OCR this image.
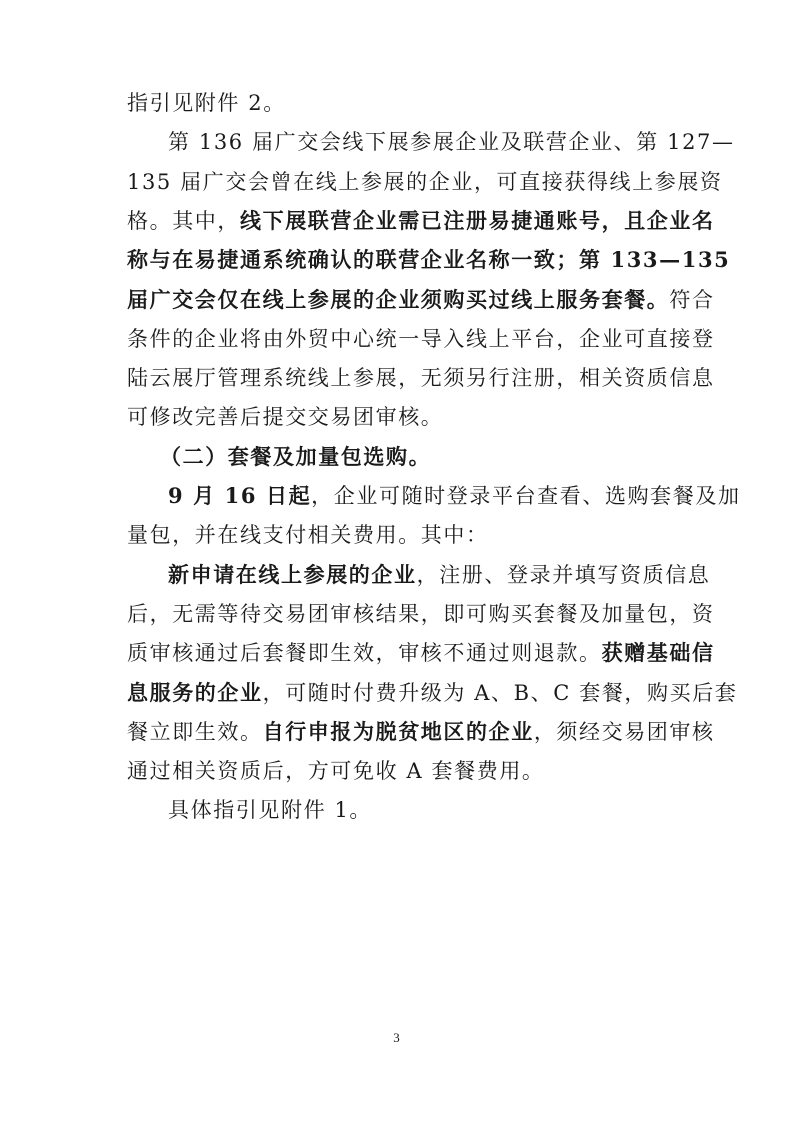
指引见附件 2。
第 136 届广交会线下展参展企业及联营企业、第 127—
135 届广交会曾在线上参展的企业，可直接获得线上参展资
格。其中，线下展联营企业需已注册易捷通账号，且企业名
称与在易捷通系统确认的联营企业名称一致；第 133—135
届广交会仅在线上参展的企业须购买过线上服务套餐。符合
条件的企业将由外贸中心统一导入线上平台，企业可直接登
陆云展厅管理系统线上参展，无须另行注册，相关资质信息
可修改完善后提交交易团审核。
（二）套餐及加量包选购。
9 月 16 日起，企业可随时登录平台查看、选购套餐及加
量包，并在线支付相关费用。其中：
新申请在线上参展的企业，注册、登录并填写资质信息
后，无需等待交易团审核结果，即可购买套餐及加量包，资
质审核通过后套餐即生效，审核不通过则退款。获赠基础信
息服务的企业，可随时付费升级为 A、B、C 套餐，购买后套
餐立即生效。自行申报为脱贫地区的企业，须经交易团审核
通过相关资质后，方可免收 A 套餐费用。
具体指引见附件 1。
3
